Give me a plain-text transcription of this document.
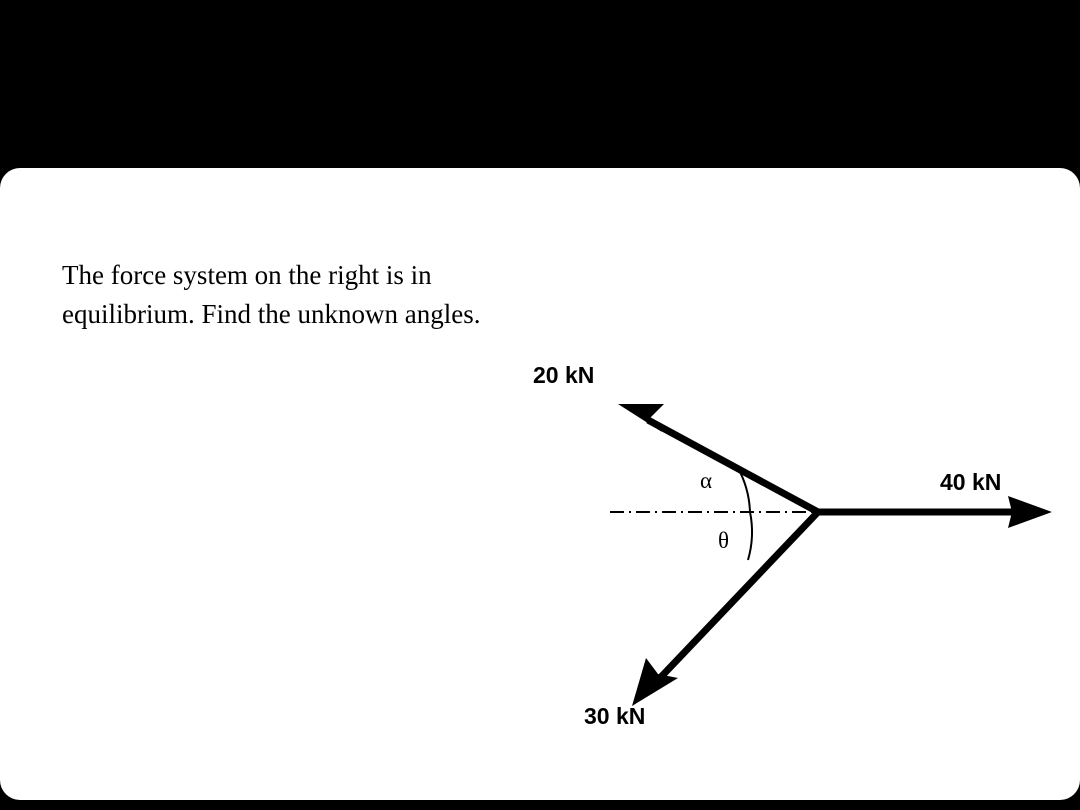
The force system on the right is in equilibrium. Find the unknown angles.
20 kN
40 kN
30 kN
α
θ
